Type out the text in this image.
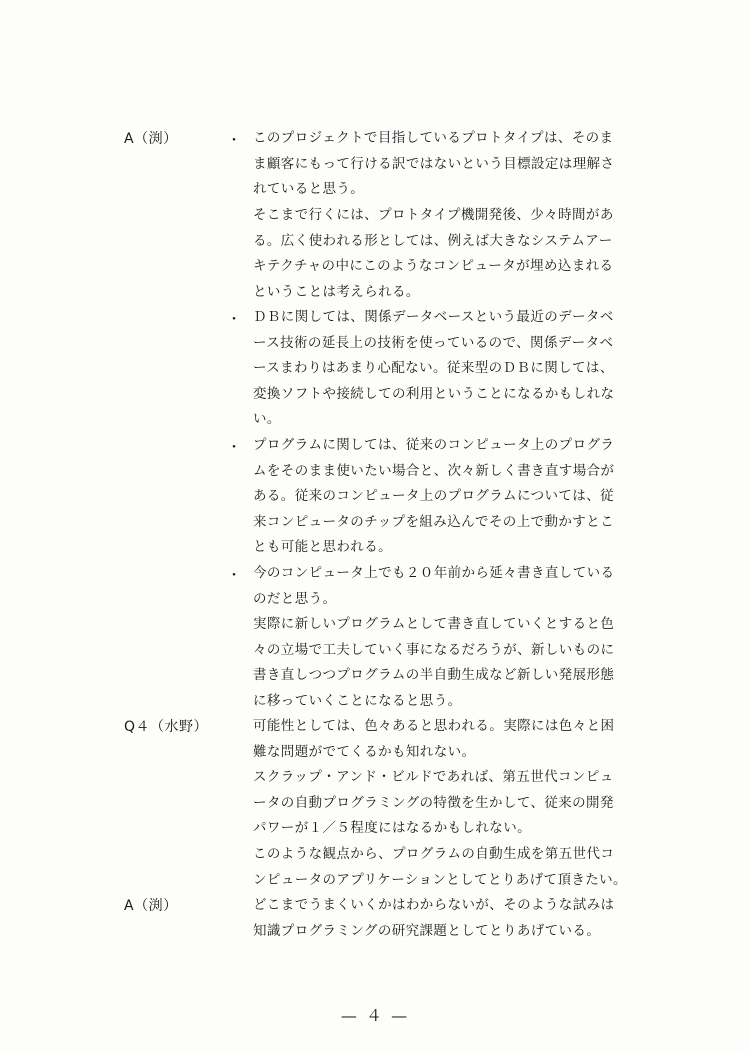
A（渕）
Q４（水野）
A（渕）
・
・
・
・
このプロジェクトで目指しているプロトタイプは、そのま
ま顧客にもって行ける訳ではないという目標設定は理解さ
れていると思う。
そこまで行くには、プロトタイプ機開発後、少々時間があ
る。広く使われる形としては、例えば大きなシステムアー
キテクチャの中にこのようなコンピュータが埋め込まれる
ということは考えられる。
ＤＢに関しては、関係データベースという最近のデータベ
ース技術の延長上の技術を使っているので、関係データベ
ースまわりはあまり心配ない。従来型のＤＢに関しては、
変換ソフトや接続しての利用ということになるかもしれな
い。
プログラムに関しては、従来のコンピュータ上のプログラ
ムをそのまま使いたい場合と、次々新しく書き直す場合が
ある。従来のコンピュータ上のプログラムについては、従
来コンピュータのチップを組み込んでその上で動かすとこ
とも可能と思われる。
今のコンピュータ上でも２０年前から延々書き直している
のだと思う。
実際に新しいプログラムとして書き直していくとすると色
々の立場で工夫していく事になるだろうが、新しいものに
書き直しつつプログラムの半自動生成など新しい発展形態
に移っていくことになると思う。
可能性としては、色々あると思われる。実際には色々と困
難な問題がでてくるかも知れない。
スクラップ・アンド・ビルドであれば、第五世代コンピュ
ータの自動プログラミングの特徴を生かして、従来の開発
パワーが１／５程度にはなるかもしれない。
このような観点から、プログラムの自動生成を第五世代コ
ンピュータのアプリケーションとしてとりあげて頂きたい。
どこまでうまくいくかはわからないが、そのような試みは
知識プログラミングの研究課題としてとりあげている。
— ４ —
